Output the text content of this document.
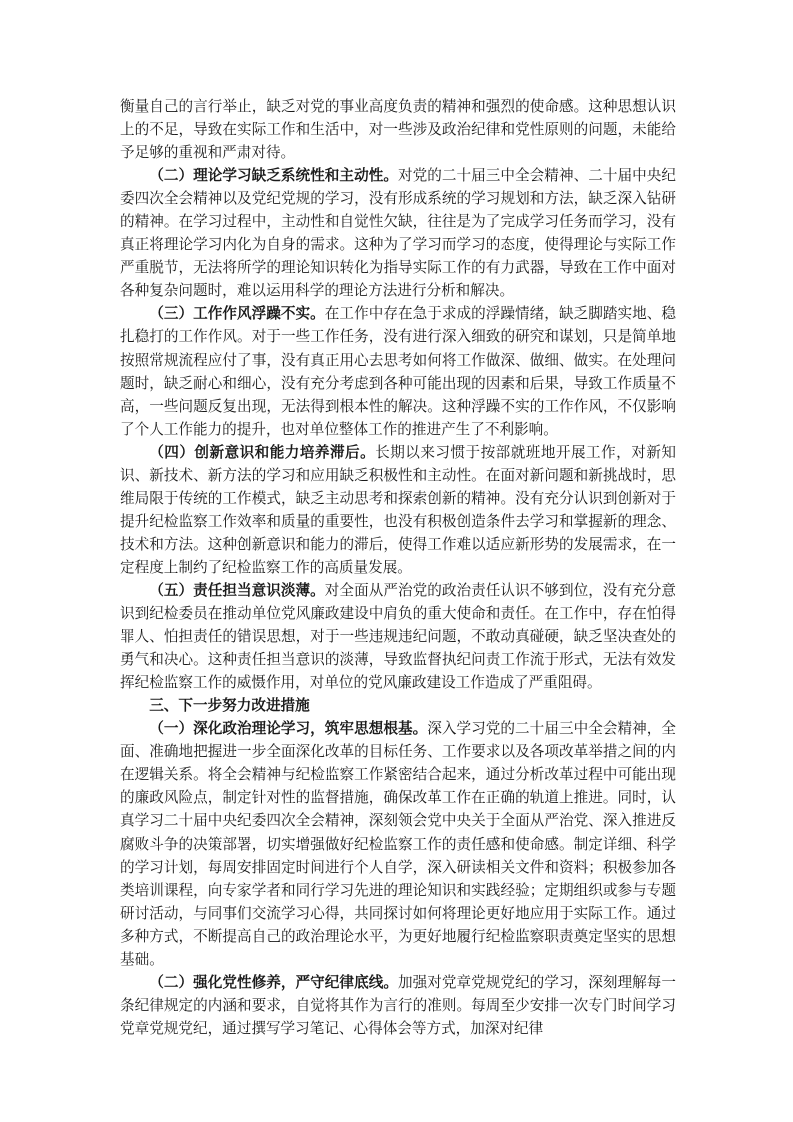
衡量自己的言行举止，缺乏对党的事业高度负责的精神和强烈的使命感。这种思想认识上的不足，导致在实际工作和生活中，对一些涉及政治纪律和党性原则的问题，未能给予足够的重视和严肃对待。

（二）理论学习缺乏系统性和主动性。对党的二十届三中全会精神、二十届中央纪委四次全会精神以及党纪党规的学习，没有形成系统的学习规划和方法，缺乏深入钻研的精神。在学习过程中，主动性和自觉性欠缺，往往是为了完成学习任务而学习，没有真正将理论学习内化为自身的需求。这种为了学习而学习的态度，使得理论与实际工作严重脱节，无法将所学的理论知识转化为指导实际工作的有力武器，导致在工作中面对各种复杂问题时，难以运用科学的理论方法进行分析和解决。

（三）工作作风浮躁不实。在工作中存在急于求成的浮躁情绪，缺乏脚踏实地、稳扎稳打的工作作风。对于一些工作任务，没有进行深入细致的研究和谋划，只是简单地按照常规流程应付了事，没有真正用心去思考如何将工作做深、做细、做实。在处理问题时，缺乏耐心和细心，没有充分考虑到各种可能出现的因素和后果，导致工作质量不高，一些问题反复出现，无法得到根本性的解决。这种浮躁不实的工作作风，不仅影响了个人工作能力的提升，也对单位整体工作的推进产生了不利影响。

（四）创新意识和能力培养滞后。长期以来习惯于按部就班地开展工作，对新知识、新技术、新方法的学习和应用缺乏积极性和主动性。在面对新问题和新挑战时，思维局限于传统的工作模式，缺乏主动思考和探索创新的精神。没有充分认识到创新对于提升纪检监察工作效率和质量的重要性，也没有积极创造条件去学习和掌握新的理念、技术和方法。这种创新意识和能力的滞后，使得工作难以适应新形势的发展需求，在一定程度上制约了纪检监察工作的高质量发展。

（五）责任担当意识淡薄。对全面从严治党的政治责任认识不够到位，没有充分意识到纪检委员在推动单位党风廉政建设中肩负的重大使命和责任。在工作中，存在怕得罪人、怕担责任的错误思想，对于一些违规违纪问题，不敢动真碰硬，缺乏坚决查处的勇气和决心。这种责任担当意识的淡薄，导致监督执纪问责工作流于形式，无法有效发挥纪检监察工作的威慑作用，对单位的党风廉政建设工作造成了严重阻碍。

三、下一步努力改进措施

（一）深化政治理论学习，筑牢思想根基。深入学习党的二十届三中全会精神，全面、准确地把握进一步全面深化改革的目标任务、工作要求以及各项改革举措之间的内在逻辑关系。将全会精神与纪检监察工作紧密结合起来，通过分析改革过程中可能出现的廉政风险点，制定针对性的监督措施，确保改革工作在正确的轨道上推进。同时，认真学习二十届中央纪委四次全会精神，深刻领会党中央关于全面从严治党、深入推进反腐败斗争的决策部署，切实增强做好纪检监察工作的责任感和使命感。制定详细、科学的学习计划，每周安排固定时间进行个人自学，深入研读相关文件和资料；积极参加各类培训课程，向专家学者和同行学习先进的理论知识和实践经验；定期组织或参与专题研讨活动，与同事们交流学习心得，共同探讨如何将理论更好地应用于实际工作。通过多种方式，不断提高自己的政治理论水平，为更好地履行纪检监察职责奠定坚实的思想基础。

（二）强化党性修养，严守纪律底线。加强对党章党规党纪的学习，深刻理解每一条纪律规定的内涵和要求，自觉将其作为言行的准则。每周至少安排一次专门时间学习党章党规党纪，通过撰写学习笔记、心得体会等方式，加深对纪律
